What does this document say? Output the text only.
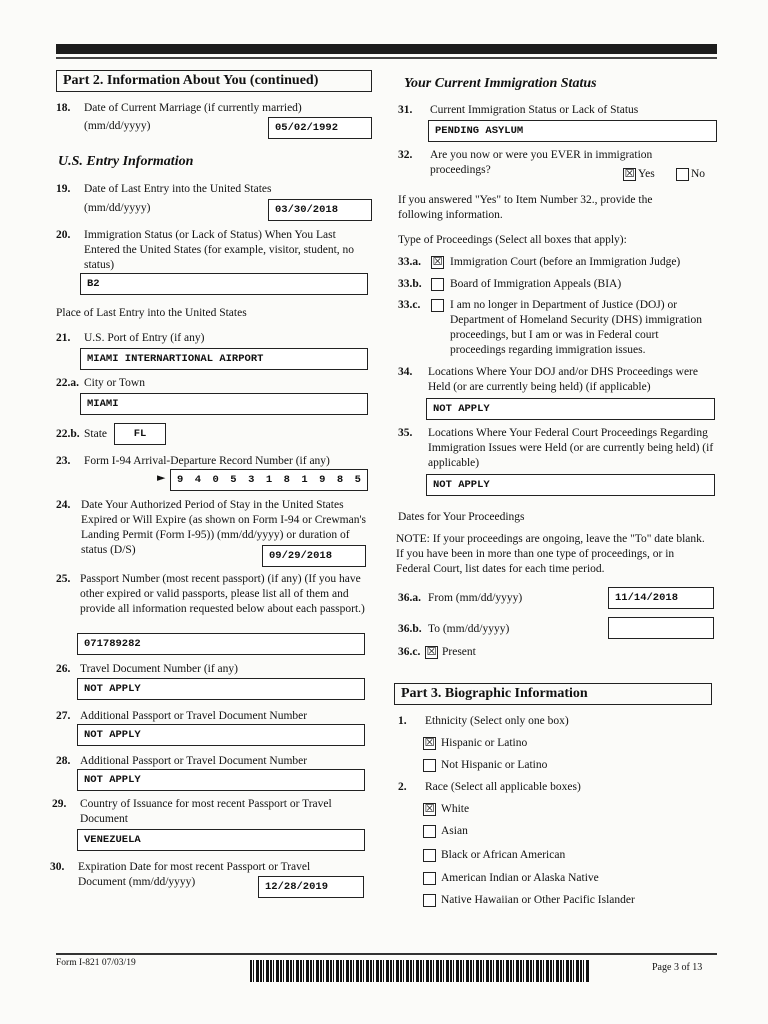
Part 2. Information About You (continued)
18. Date of Current Marriage (if currently married)
(mm/dd/yyyy)	05/02/1992
U.S. Entry Information
19. Date of Last Entry into the United States
(mm/dd/yyyy)	03/30/2018
20. Immigration Status (or Lack of Status) When You Last Entered the United States (for example, visitor, student, no status)
B2
Place of Last Entry into the United States
21. U.S. Port of Entry (if any)
MIAMI INTERNARTIONAL AIRPORT
22.a. City or Town
MIAMI
22.b. State	FL
23. Form I-94 Arrival-Departure Record Number (if any)
► 9 4 0 5 3 1 8 1 9 8 5
24. Date Your Authorized Period of Stay in the United States Expired or Will Expire (as shown on Form I-94 or Crewman's Landing Permit (Form I-95)) (mm/dd/yyyy) or duration of status (D/S)	09/29/2018
25. Passport Number (most recent passport) (if any) (If you have other expired or valid passports, please list all of them and provide all information requested below about each passport.)
071789282
26. Travel Document Number (if any)
NOT APPLY
27. Additional Passport or Travel Document Number
NOT APPLY
28. Additional Passport or Travel Document Number
NOT APPLY
29. Country of Issuance for most recent Passport or Travel Document
VENEZUELA
30. Expiration Date for most recent Passport or Travel Document (mm/dd/yyyy)	12/28/2019
Your Current Immigration Status
31. Current Immigration Status or Lack of Status
PENDING ASYLUM
32. Are you now or were you EVER in immigration proceedings?	☒ Yes	No
If you answered "Yes" to Item Number 32., provide the following information.
Type of Proceedings (Select all boxes that apply):
33.a. ☒ Immigration Court (before an Immigration Judge)
33.b. Board of Immigration Appeals (BIA)
33.c.	I am no longer in Department of Justice (DOJ) or Department of Homeland Security (DHS) immigration proceedings, but I am or was in Federal court proceedings regarding immigration issues.
34. Locations Where Your DOJ and/or DHS Proceedings were Held (or are currently being held) (if applicable)
NOT APPLY
35. Locations Where Your Federal Court Proceedings Regarding Immigration Issues were Held (or are currently being held) (if applicable)
NOT APPLY
Dates for Your Proceedings
NOTE: If your proceedings are ongoing, leave the "To" date blank. If you have been in more than one type of proceedings, or in Federal Court, list dates for each time period.
36.a. From (mm/dd/yyyy)	11/14/2018
36.b. To (mm/dd/yyyy)
36.c. ☒ Present
Part 3. Biographic Information
1. Ethnicity (Select only one box)
☒ Hispanic or Latino
Not Hispanic or Latino
2. Race (Select all applicable boxes)
☒ White
Asian
Black or African American
American Indian or Alaska Native
Native Hawaiian or Other Pacific Islander
Form I-821 07/03/19	Page 3 of 13
